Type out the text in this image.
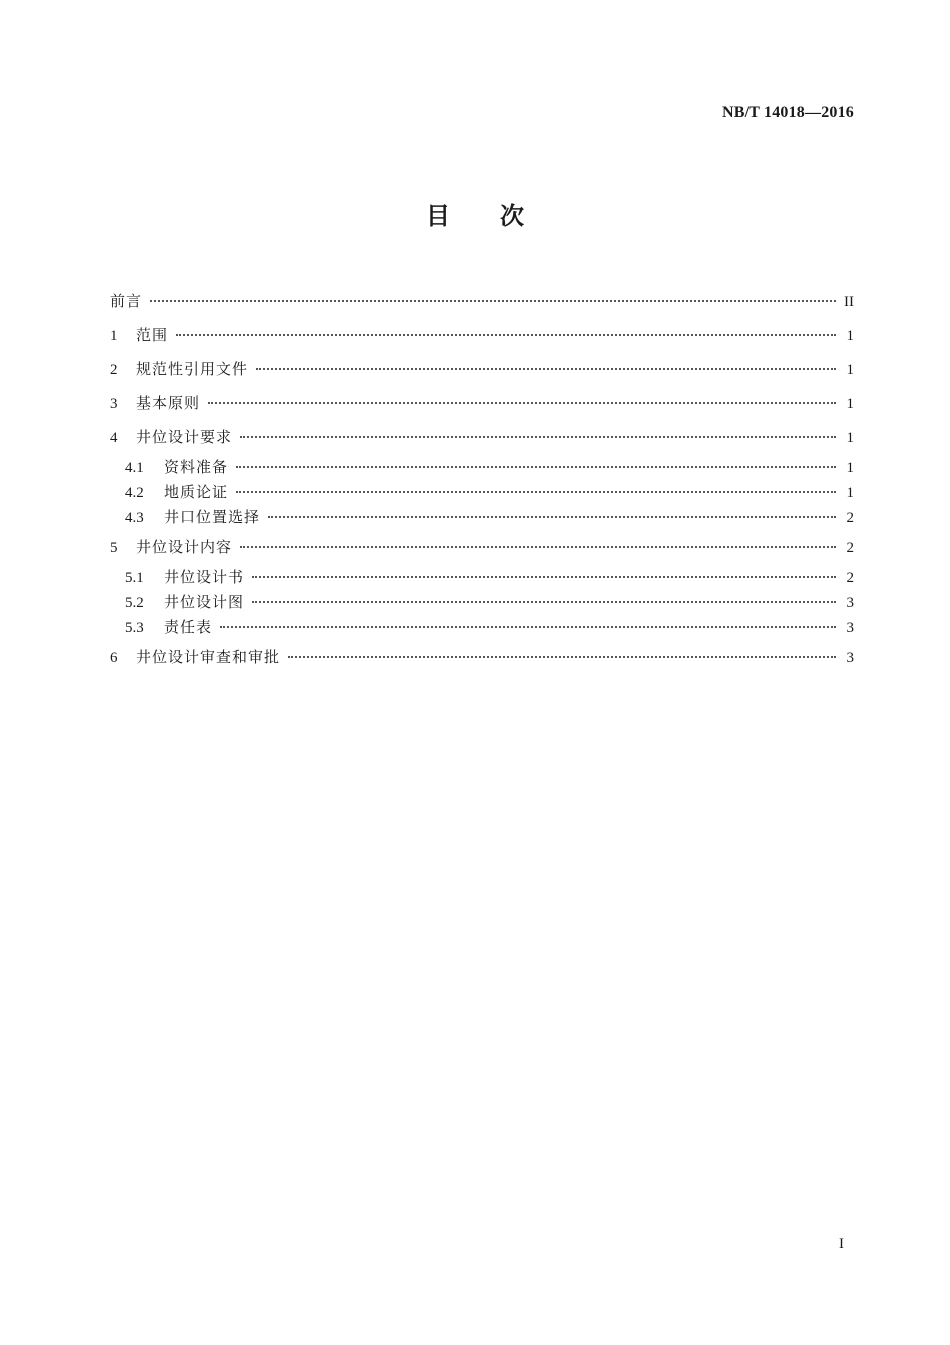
NB/T 14018—2016
目 次
前言	II
1	范围	1
2	规范性引用文件	1
3	基本原则	1
4	井位设计要求	1
4.1	资料准备	1
4.2	地质论证	1
4.3	井口位置选择	2
5	井位设计内容	2
5.1	井位设计书	2
5.2	井位设计图	3
5.3	责任表	3
6	井位设计审查和审批	3
I
